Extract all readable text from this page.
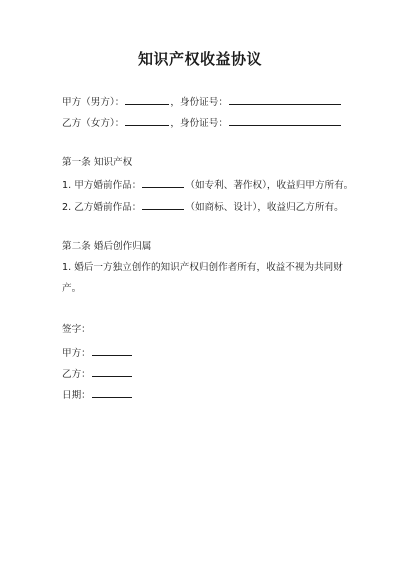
知识产权收益协议
甲方（男方）：	，身份证号：
乙方（女方）：	，身份证号：
第一条 知识产权
1. 甲方婚前作品：	（如专利、著作权），收益归甲方所有。
2. 乙方婚前作品：	（如商标、设计），收益归乙方所有。
第二条 婚后创作归属
1. 婚后一方独立创作的知识产权归创作者所有，收益不视为共同财
产。
签字：
甲方：
乙方：
日期：
